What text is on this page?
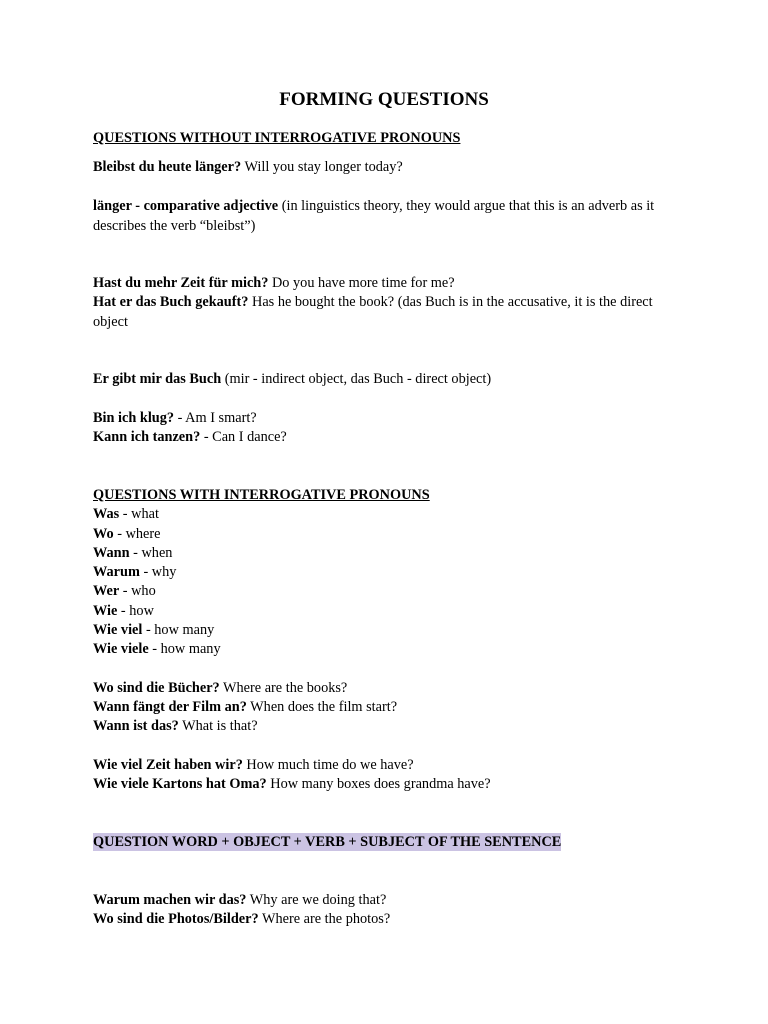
FORMING QUESTIONS
QUESTIONS WITHOUT INTERROGATIVE PRONOUNS
Bleibst du heute länger? Will you stay longer today?
länger - comparative adjective (in linguistics theory, they would argue that this is an adverb as it describes the verb “bleibst”)
Hast du mehr Zeit für mich? Do you have more time for me?
Hat er das Buch gekauft? Has he bought the book? (das Buch is in the accusative, it is the direct object
Er gibt mir das Buch (mir - indirect object, das Buch - direct object)
Bin ich klug? - Am I smart?
Kann ich tanzen? - Can I dance?
QUESTIONS WITH INTERROGATIVE PRONOUNS
Was - what
Wo - where
Wann - when
Warum - why
Wer - who
Wie - how
Wie viel - how many
Wie viele - how many
Wo sind die Bücher? Where are the books?
Wann fängt der Film an? When does the film start?
Wann ist das? What is that?
Wie viel Zeit haben wir? How much time do we have?
Wie viele Kartons hat Oma? How many boxes does grandma have?
QUESTION WORD + OBJECT + VERB + SUBJECT OF THE SENTENCE
Warum machen wir das? Why are we doing that?
Wo sind die Photos/Bilder? Where are the photos?
